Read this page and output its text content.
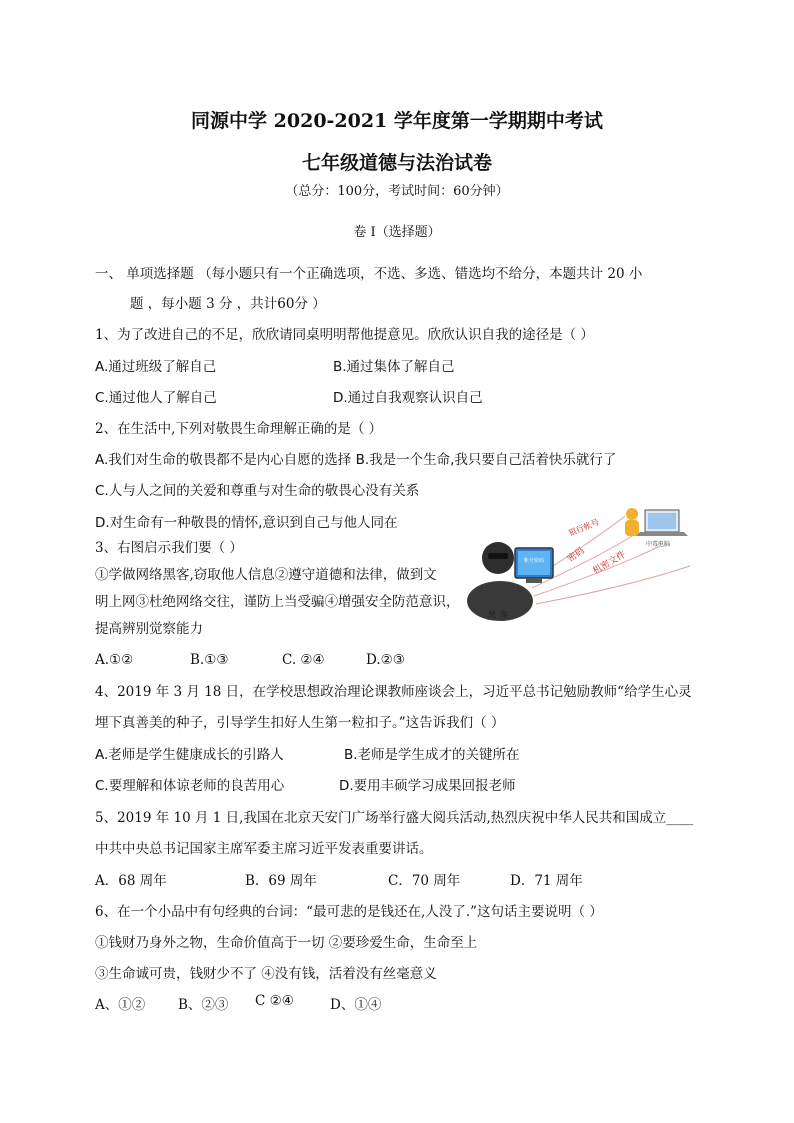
同源中学 2020-2021 学年度第一学期期中考试
七年级道德与法治试卷
（总分：100分，考试时间：60分钟）
卷 I（选择题）
一、 单项选择题 （每小题只有一个正确选项，不选、多选、错选均不给分，本题共计 20 小
题 ，每小题 3 分 ，共计60分 ）
1、为了改进自己的不足，欣欣请同桌明明帮他提意见。欣欣认识自我的途径是（ ）
A.通过班级了解自己	B.通过集体了解自己
C.通过他人了解自己	D.通过自我观察认识自己
2、在生活中,下列对敬畏生命理解正确的是（ ）
A.我们对生命的敬畏都不是内心自愿的选择 B.我是一个生命,我只要自己活着快乐就行了
C.人与人之间的关爱和尊重与对生命的敬畏心没有关系
D.对生命有一种敬畏的情怀,意识到自己与他人同在
3、右图启示我们要（ ）
①学做网络黑客,窃取他人信息②遵守道德和法律，做到文
明上网③杜绝网络交往，谨防上当受骗④增强安全防范意识，
提高辨别觉察能力
A.①②	B.①③	C. ②④	D.②③
银行帐号
密码 机密文件
帐号密码
黑 客
中毒电脑
4、2019 年 3 月 18 日，在学校思想政治理论课教师座谈会上，习近平总书记勉励教师“给学生心灵
埋下真善美的种子，引导学生扣好人生第一粒扣子。”这告诉我们（ ）
A.老师是学生健康成长的引路人	B.老师是学生成才的关键所在
C.要理解和体谅老师的良苦用心	D.要用丰硕学习成果回报老师
5、2019 年 10 月 1 日,我国在北京天安门广场举行盛大阅兵活动,热烈庆祝中华人民共和国成立____
中共中央总书记国家主席军委主席习近平发表重要讲话。
A．68 周年	B．69 周年	C．70 周年	D．71 周年
6、在一个小品中有句经典的台词：“最可悲的是钱还在,人没了.”这句话主要说明（ ）
①钱财乃身外之物，生命价值高于一切 ②要珍爱生命，生命至上
③生命诚可贵，钱财少不了 ④没有钱，活着没有丝毫意义
A、①② B、②③ C ②④	D、①④
